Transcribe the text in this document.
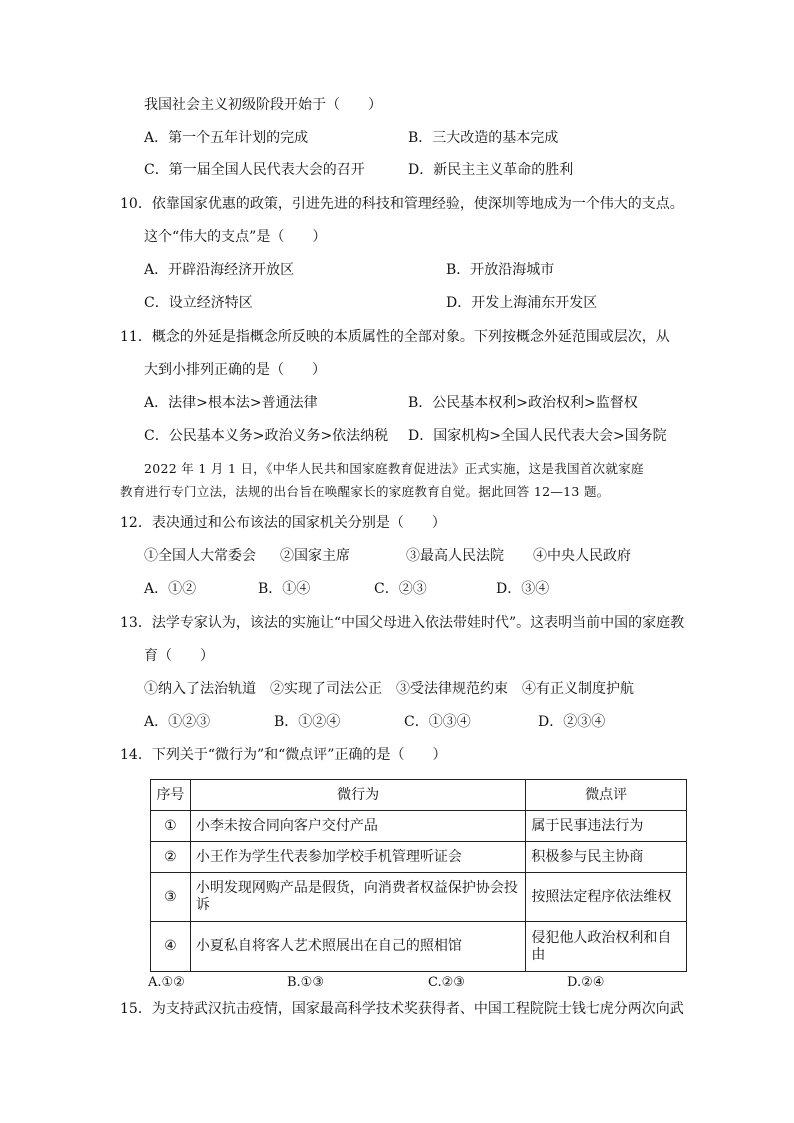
我国社会主义初级阶段开始于（　　）
A．第一个五年计划的完成	B．三大改造的基本完成
C．第一届全国人民代表大会的召开	D．新民主主义革命的胜利
10．依靠国家优惠的政策，引进先进的科技和管理经验，使深圳等地成为一个伟大的支点。
这个“伟大的支点”是（　　）
A．开辟沿海经济开放区	B．开放沿海城市
C．设立经济特区	D．开发上海浦东开发区
11．概念的外延是指概念所反映的本质属性的全部对象。下列按概念外延范围或层次，从
大到小排列正确的是（　　）
A．法律>根本法>普通法律	B．公民基本权利>政治权利>监督权
C．公民基本义务>政治义务>依法纳税 D．国家机构>全国人民代表大会>国务院
2022 年 1 月 1 日，《中华人民共和国家庭教育促进法》正式实施，这是我国首次就家庭
教育进行专门立法，法规的出台旨在唤醒家长的家庭教育自觉。据此回答 12—13 题。
12．表决通过和公布该法的国家机关分别是（　　）
①全国人大常委会 ②国家主席	③最高人民法院 ④中央人民政府
A．①②	B．①④	C．②③	D．③④
13．法学专家认为，该法的实施让“中国父母进入依法带娃时代”。这表明当前中国的家庭教
育（　　）
①纳入了法治轨道　②实现了司法公正　③受法律规范约束　④有正义制度护航
A．①②③	B．①②④	C．①③④	D．②③④
14．下列关于“微行为”和“微点评”正确的是（　　）
序号	微行为	微点评
①	小李未按合同向客户交付产品	属于民事违法行为
②	小王作为学生代表参加学校手机管理听证会	积极参与民主协商
③	小明发现网购产品是假货，向消费者权益保护协会投诉	按照法定程序依法维权
④	小夏私自将客人艺术照展出在自己的照相馆	侵犯他人政治权利和自由
A.①②	B.①③	C.②③	D.②④
15．为支持武汉抗击疫情，国家最高科学技术奖获得者、中国工程院院士钱七虎分两次向武
